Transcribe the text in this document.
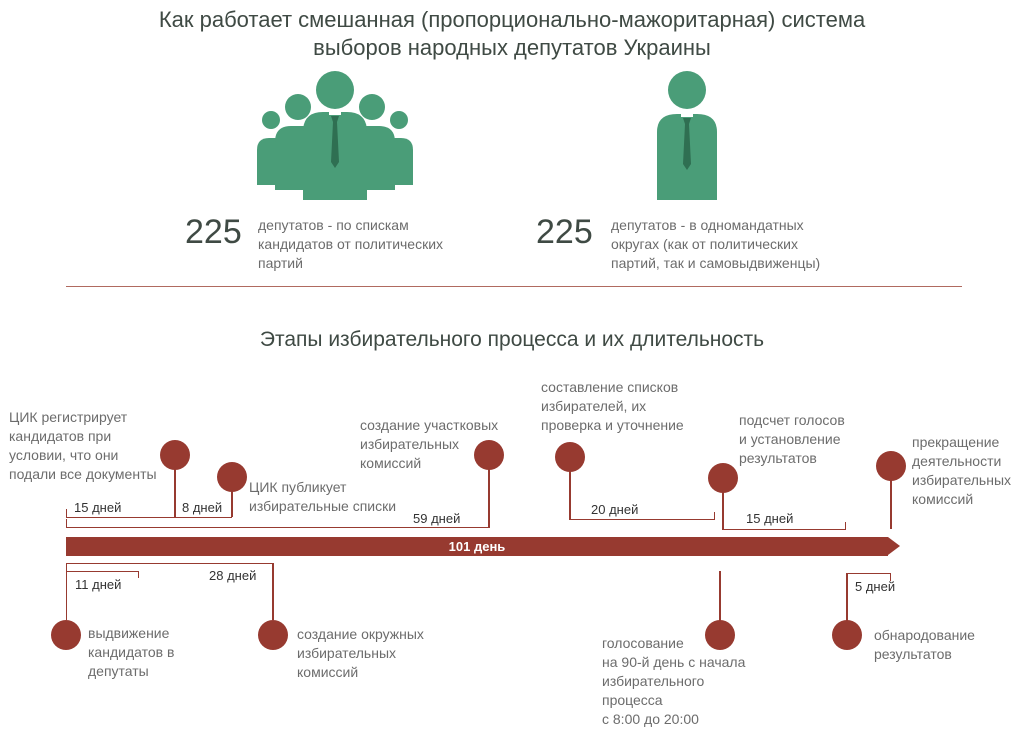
Как работает смешанная (пропорционально-мажоритарная) система
выборов народных депутатов Украины
225 депутатов - по спискам
кандидатов от политических
партий
225 депутатов - в одномандатных
округах (как от политических
партий, так и самовыдвиженцы)
Этапы избирательного процесса и их длительность
ЦИК регистрирует
кандидатов при
условии, что они
подали все документы
15 дней	8 дней
ЦИК публикует
избирательные списки
59 дней
создание участковых
избирательных
комиссий
составление списков
избирателей, их
проверка и уточнение
20 дней
подсчет голосов
и установление
результатов
15 дней
прекращение
деятельности
избирательных
комиссий
101 день
11 дней
выдвижение
кандидатов в
депутаты
28 дней
создание окружных
избирательных
комиссий
голосование
на 90-й день с начала
избирательного
процесса
с 8:00 до 20:00
5 дней
обнародование
результатов
